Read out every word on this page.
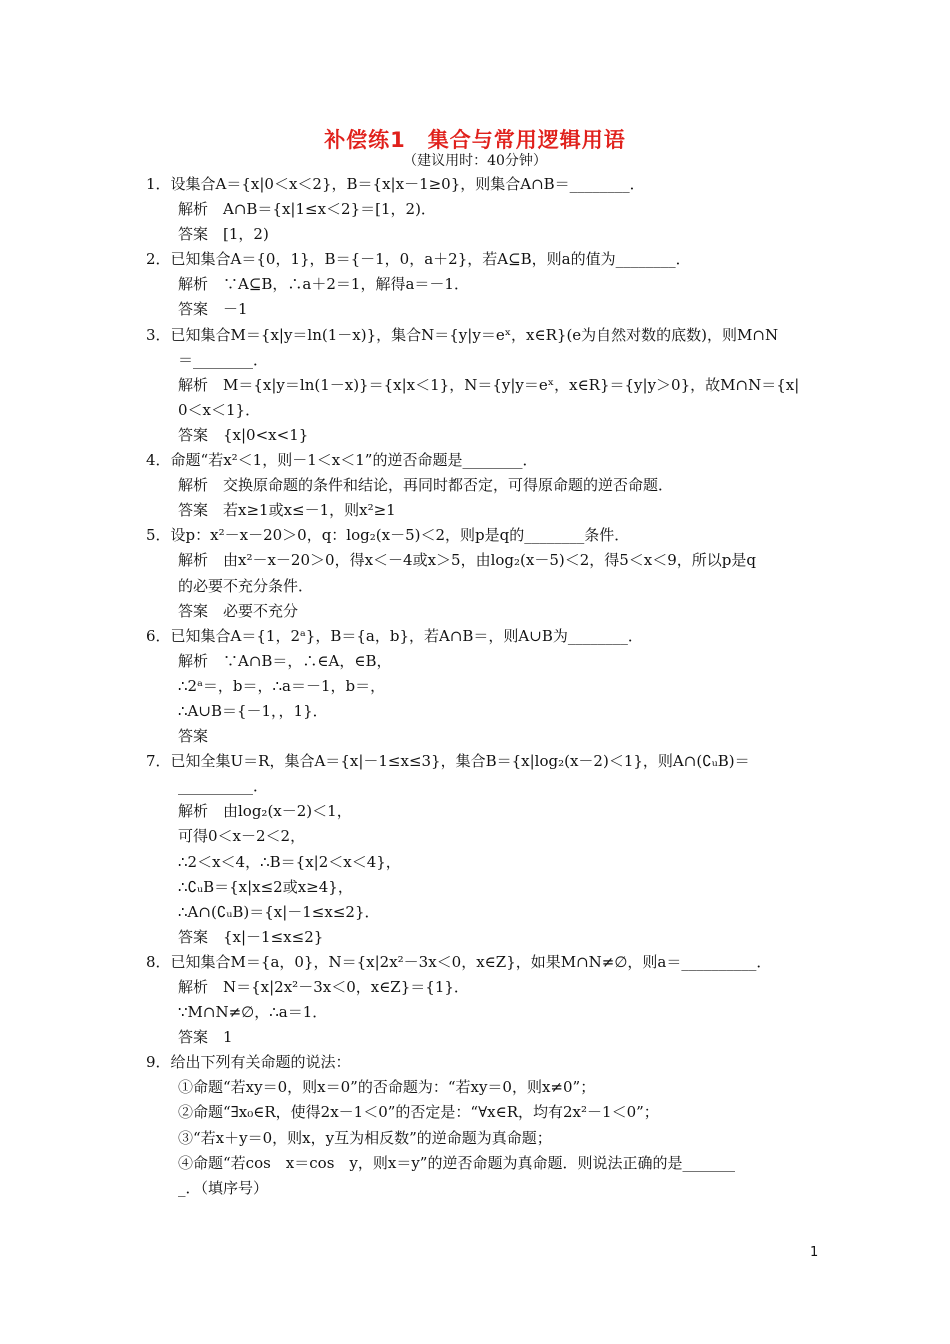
补偿练1　集合与常用逻辑用语
（建议用时：40分钟）
1．设集合A＝{x|0＜x＜2}，B＝{x|x－1≥0}，则集合A∩B＝________．
解析　A∩B＝{x|1≤x＜2}＝[1，2)．
答案　[1，2)
2．已知集合A＝{0，1}，B＝{－1，0，a＋2}，若A⊆B，则a的值为________．
解析　∵A⊆B，∴a＋2＝1，解得a＝－1．
答案　－1
3．已知集合M＝{x|y＝ln(1－x)}，集合N＝{y|y＝eˣ，x∈R}(e为自然对数的底数)，则M∩N
＝________．
解析　M＝{x|y＝ln(1－x)}＝{x|x＜1}，N＝{y|y＝eˣ，x∈R}＝{y|y＞0}，故M∩N＝{x|
0＜x＜1}．
答案　{x|0<x<1}
4．命题“若x²＜1，则－1＜x＜1”的逆否命题是________．
解析　交换原命题的条件和结论，再同时都否定，可得原命题的逆否命题．
答案　若x≥1或x≤－1，则x²≥1
5．设p：x²－x－20＞0，q：log₂(x－5)＜2，则p是q的________条件．
解析　由x²－x－20＞0，得x＜－4或x＞5，由log₂(x－5)＜2，得5＜x＜9，所以p是q
的必要不充分条件．
答案　必要不充分
6．已知集合A＝{1，2ᵃ}，B＝{a，b}，若A∩B＝，则A∪B为________．
解析　∵A∩B＝，∴∈A，∈B，
∴2ᵃ＝，b＝，∴a＝－1，b＝，
∴A∪B＝{－1，，1}．
答案
7．已知全集U＝R，集合A＝{x|－1≤x≤3}，集合B＝{x|log₂(x－2)＜1}，则A∩(∁ᵤB)＝
__________．
解析　由log₂(x－2)＜1，
可得0＜x－2＜2，
∴2＜x＜4，∴B＝{x|2＜x＜4}，
∴∁ᵤB＝{x|x≤2或x≥4}，
∴A∩(∁ᵤB)＝{x|－1≤x≤2}．
答案　{x|－1≤x≤2}
8．已知集合M＝{a，0}，N＝{x|2x²－3x＜0，x∈Z}，如果M∩N≠∅，则a＝__________．
解析　N＝{x|2x²－3x＜0，x∈Z}＝{1}．
∵M∩N≠∅，∴a＝1．
答案　1
9．给出下列有关命题的说法：
①命题“若xy＝0，则x＝0”的否命题为：“若xy＝0，则x≠0”；
②命题“∃x₀∈R，使得2x－1＜0”的否定是：“∀x∈R，均有2x²－1＜0”；
③“若x＋y＝0，则x，y互为相反数”的逆命题为真命题；
④命题“若cos　x＝cos　y，则x＝y”的逆否命题为真命题．则说法正确的是_______
_．（填序号）
1
